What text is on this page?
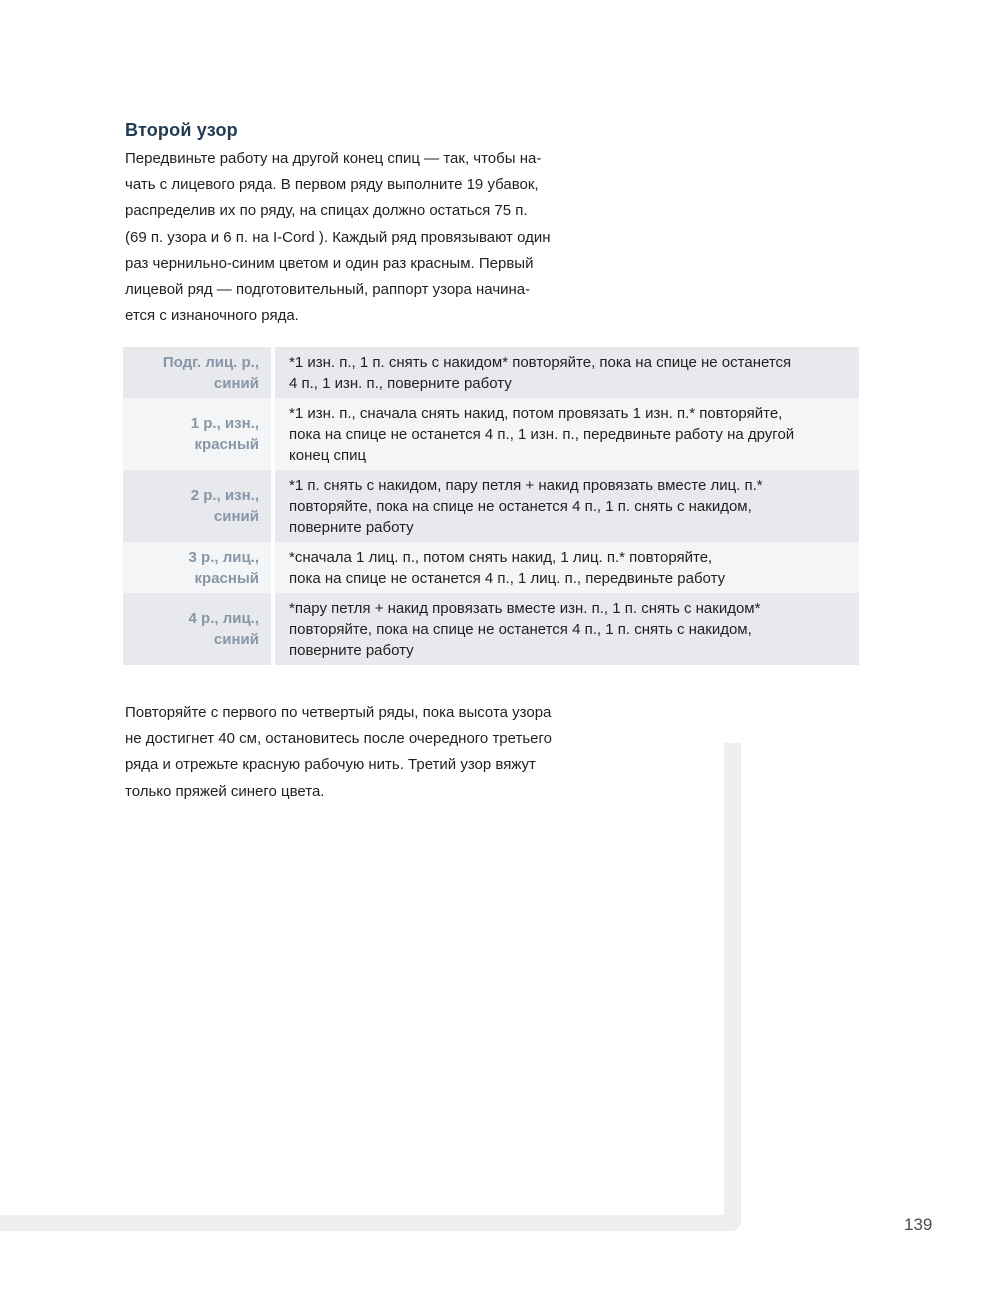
Второй узор

Передвиньте работу на другой конец спиц — так, чтобы на-
чать с лицевого ряда. В первом ряду выполните 19 убавок,
распределив их по ряду, на спицах должно остаться 75 п.
(69 п. узора и 6 п. на I-Cord ). Каждый ряд провязывают один
раз чернильно-синим цветом и один раз красным. Первый
лицевой ряд — подготовительный, раппорт узора начина-
ется с изнаночного ряда.

Подг. лиц. р.,
синий	*1 изн. п., 1 п. снять с накидом* повторяйте, пока на спице не останется
4 п., 1 изн. п., поверните работу

1 р., изн.,
красный	*1 изн. п., сначала снять накид, потом провязать 1 изн. п.* повторяйте,
пока на спице не останется 4 п., 1 изн. п., передвиньте работу на другой
конец спиц

2 р., изн.,
синий	*1 п. снять с накидом, пару петля + накид провязать вместе лиц. п.*
повторяйте, пока на спице не останется 4 п., 1 п. снять с накидом,
поверните работу

3 р., лиц.,
красный	*сначала 1 лиц. п., потом снять накид, 1 лиц. п.* повторяйте,
пока на спице не останется 4 п., 1 лиц. п., передвиньте работу

4 р., лиц.,
синий	*пару петля + накид провязать вместе изн. п., 1 п. снять с накидом*
повторяйте, пока на спице не останется 4 п., 1 п. снять с накидом,
поверните работу

Повторяйте с первого по четвертый ряды, пока высота узора
не достигнет 40 см, остановитесь после очередного третьего
ряда и отрежьте красную рабочую нить. Третий узор вяжут
только пряжей синего цвета.

139
